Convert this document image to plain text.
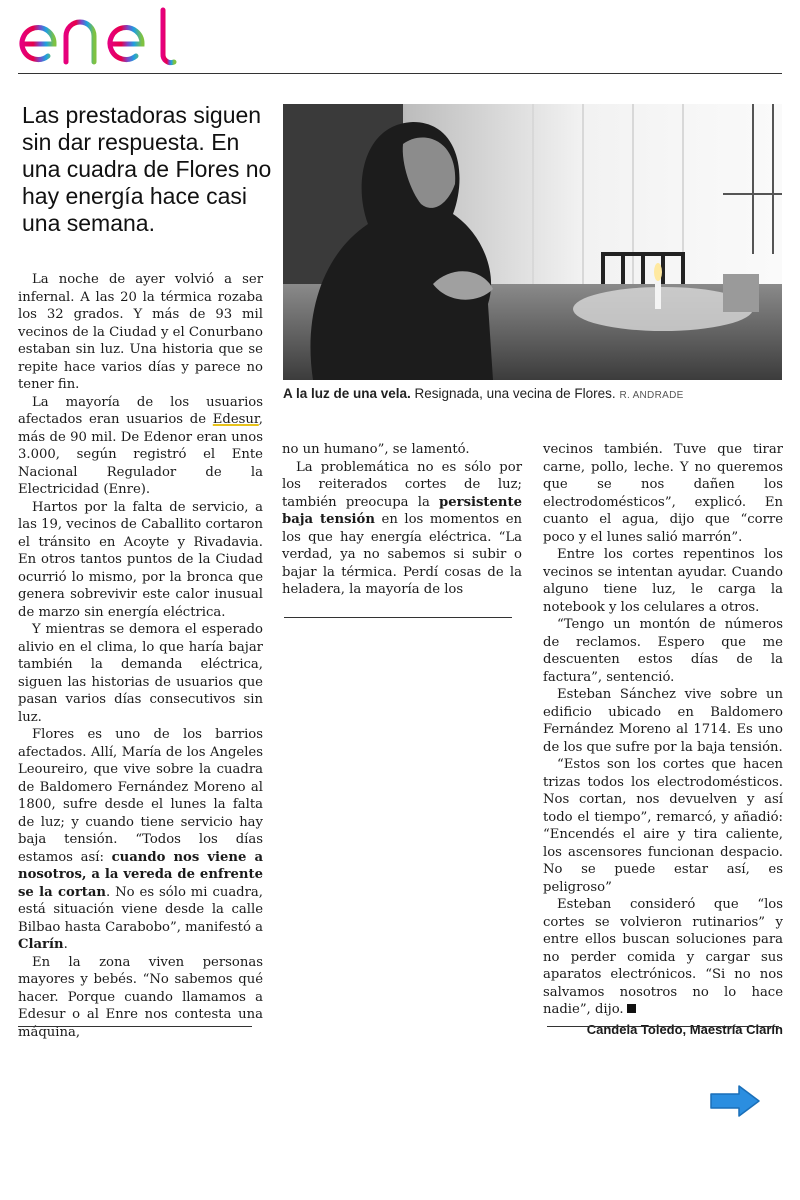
Las prestadoras siguen sin dar respuesta. En una cuadra de Flores no hay energía hace casi una semana.
A la luz de una vela. Resignada, una vecina de Flores. R. ANDRADE

La noche de ayer volvió a ser infernal. A las 20 la térmica rozaba los 32 grados. Y más de 93 mil vecinos de la Ciudad y el Conurbano estaban sin luz. Una historia que se repite hace varios días y parece no tener fin.

La mayoría de los usuarios afectados eran usuarios de Edesur, más de 90 mil. De Edenor eran unos 3.000, según registró el Ente Nacional Regulador de la Electricidad (Enre).

Hartos por la falta de servicio, a las 19, vecinos de Caballito cortaron el tránsito en Acoyte y Rivadavia. En otros tantos puntos de la Ciudad ocurrió lo mismo, por la bronca que genera sobrevivir este calor inusual de marzo sin energía eléctrica.

Y mientras se demora el esperado alivio en el clima, lo que haría bajar también la demanda eléctrica, siguen las historias de usuarios que pasan varios días consecutivos sin luz.

Flores es uno de los barrios afectados. Allí, María de los Angeles Leoureiro, que vive sobre la cuadra de Baldomero Fernández Moreno al 1800, sufre desde el lunes la falta de luz; y cuando tiene servicio hay baja tensión. “Todos los días estamos así: cuando nos viene a nosotros, a la vereda de enfrente se la cortan. No es sólo mi cuadra, está situación viene desde la calle Bilbao hasta Carabobo”, manifestó a Clarín.

En la zona viven personas mayores y bebés. “No sabemos qué hacer. Porque cuando llamamos a Edesur o al Enre nos contesta una máquina,

no un humano”, se lamentó.

La problemática no es sólo por los reiterados cortes de luz; también preocupa la persistente baja tensión en los momentos en los que hay energía eléctrica. “La verdad, ya no sabemos si subir o bajar la térmica. Perdí cosas de la heladera, la mayoría de los

vecinos también. Tuve que tirar carne, pollo, leche. Y no queremos que se nos dañen los electrodomésticos”, explicó. En cuanto el agua, dijo que “corre poco y el lunes salió marrón”.

Entre los cortes repentinos los vecinos se intentan ayudar. Cuando alguno tiene luz, le carga la notebook y los celulares a otros.

“Tengo un montón de números de reclamos. Espero que me descuenten estos días de la factura”, sentenció.

Esteban Sánchez vive sobre un edificio ubicado en Baldomero Fernández Moreno al 1714. Es uno de los que sufre por la baja tensión.

“Estos son los cortes que hacen trizas todos los electrodomésticos. Nos cortan, nos devuelven y así todo el tiempo”, remarcó, y añadió: “Encendés el aire y tira caliente, los ascensores funcionan despacio. No se puede estar así, es peligroso”

Esteban consideró que “los cortes se volvieron rutinarios” y entre ellos buscan soluciones para no perder comida y cargar sus aparatos electrónicos. “Si no nos salvamos nosotros no lo hace nadie”, dijo.

Candela Toledo, Maestría Clarín
